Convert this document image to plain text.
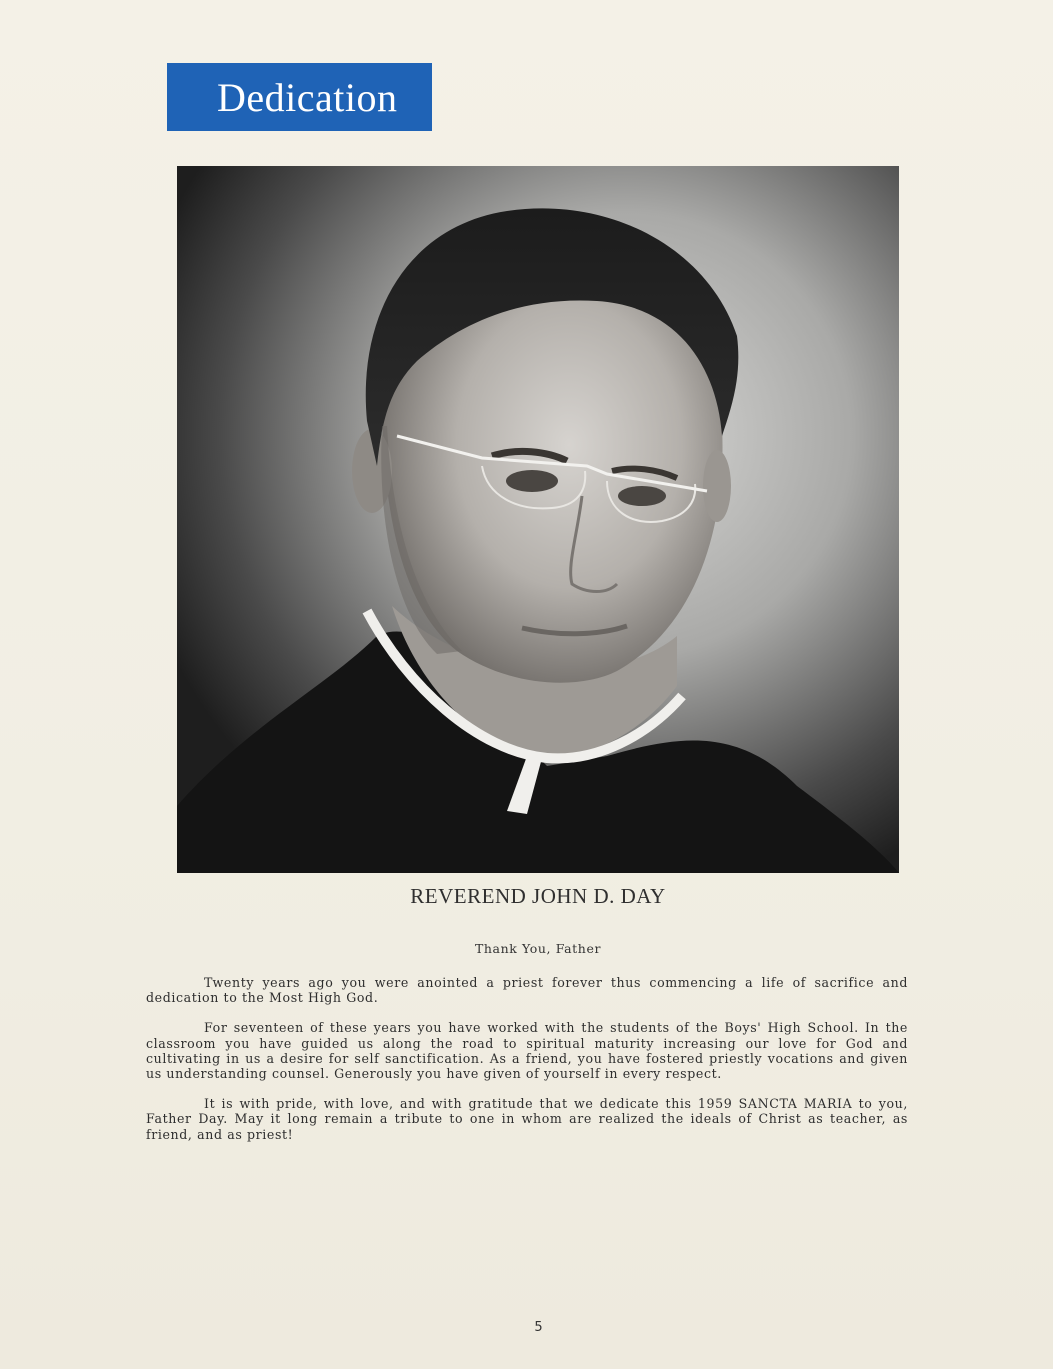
Dedication
REVEREND JOHN D. DAY
Thank You, Father

Twenty years ago you were anointed a priest forever thus commencing a life of sacrifice and dedication to the Most High God.

For seventeen of these years you have worked with the students of the Boys' High School. In the classroom you have guided us along the road to spiritual maturity increasing our love for God and cultivating in us a desire for self sanctification. As a friend, you have fostered priestly vocations and given us understanding counsel. Generously you have given of yourself in every respect.

It is with pride, with love, and with gratitude that we dedicate this 1959 SANCTA MARIA to you, Father Day. May it long remain a tribute to one in whom are realized the ideals of Christ as teacher, as friend, and as priest!

5
